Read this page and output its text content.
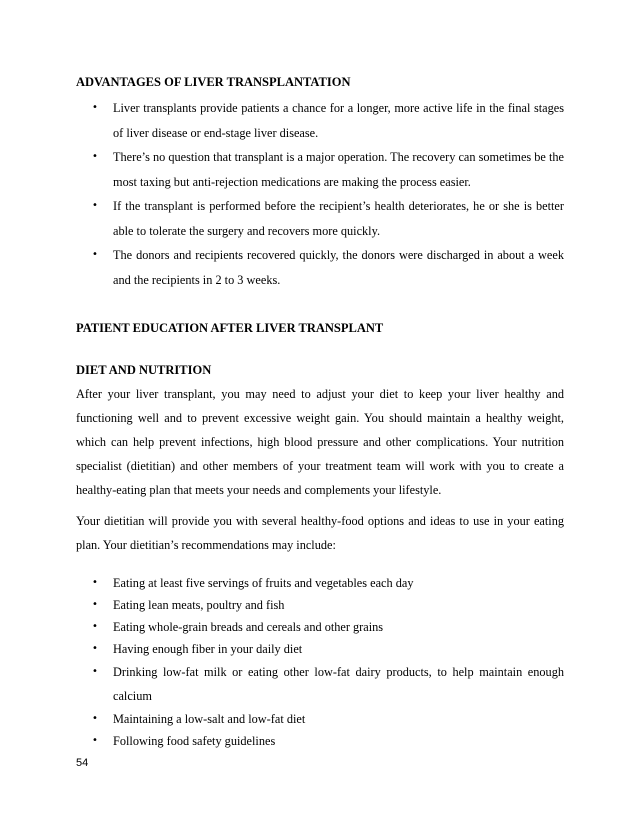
ADVANTAGES OF LIVER TRANSPLANTATION
• Liver transplants provide patients a chance for a longer, more active life in the final stages of liver disease or end-stage liver disease.
• There’s no question that transplant is a major operation. The recovery can sometimes be the most taxing but anti-rejection medications are making the process easier.
• If the transplant is performed before the recipient’s health deteriorates, he or she is better able to tolerate the surgery and recovers more quickly.
• The donors and recipients recovered quickly, the donors were discharged in about a week and the recipients in 2 to 3 weeks.
PATIENT EDUCATION AFTER LIVER TRANSPLANT
DIET AND NUTRITION

After your liver transplant, you may need to adjust your diet to keep your liver healthy and functioning well and to prevent excessive weight gain. You should maintain a healthy weight, which can help prevent infections, high blood pressure and other complications. Your nutrition specialist (dietitian) and other members of your treatment team will work with you to create a healthy-eating plan that meets your needs and complements your lifestyle.

Your dietitian will provide you with several healthy-food options and ideas to use in your eating plan. Your dietitian’s recommendations may include:

• Eating at least five servings of fruits and vegetables each day
• Eating lean meats, poultry and fish
• Eating whole-grain breads and cereals and other grains
• Having enough fiber in your daily diet
• Drinking low-fat milk or eating other low-fat dairy products, to help maintain enough calcium
• Maintaining a low-salt and low-fat diet
• Following food safety guidelines

54
